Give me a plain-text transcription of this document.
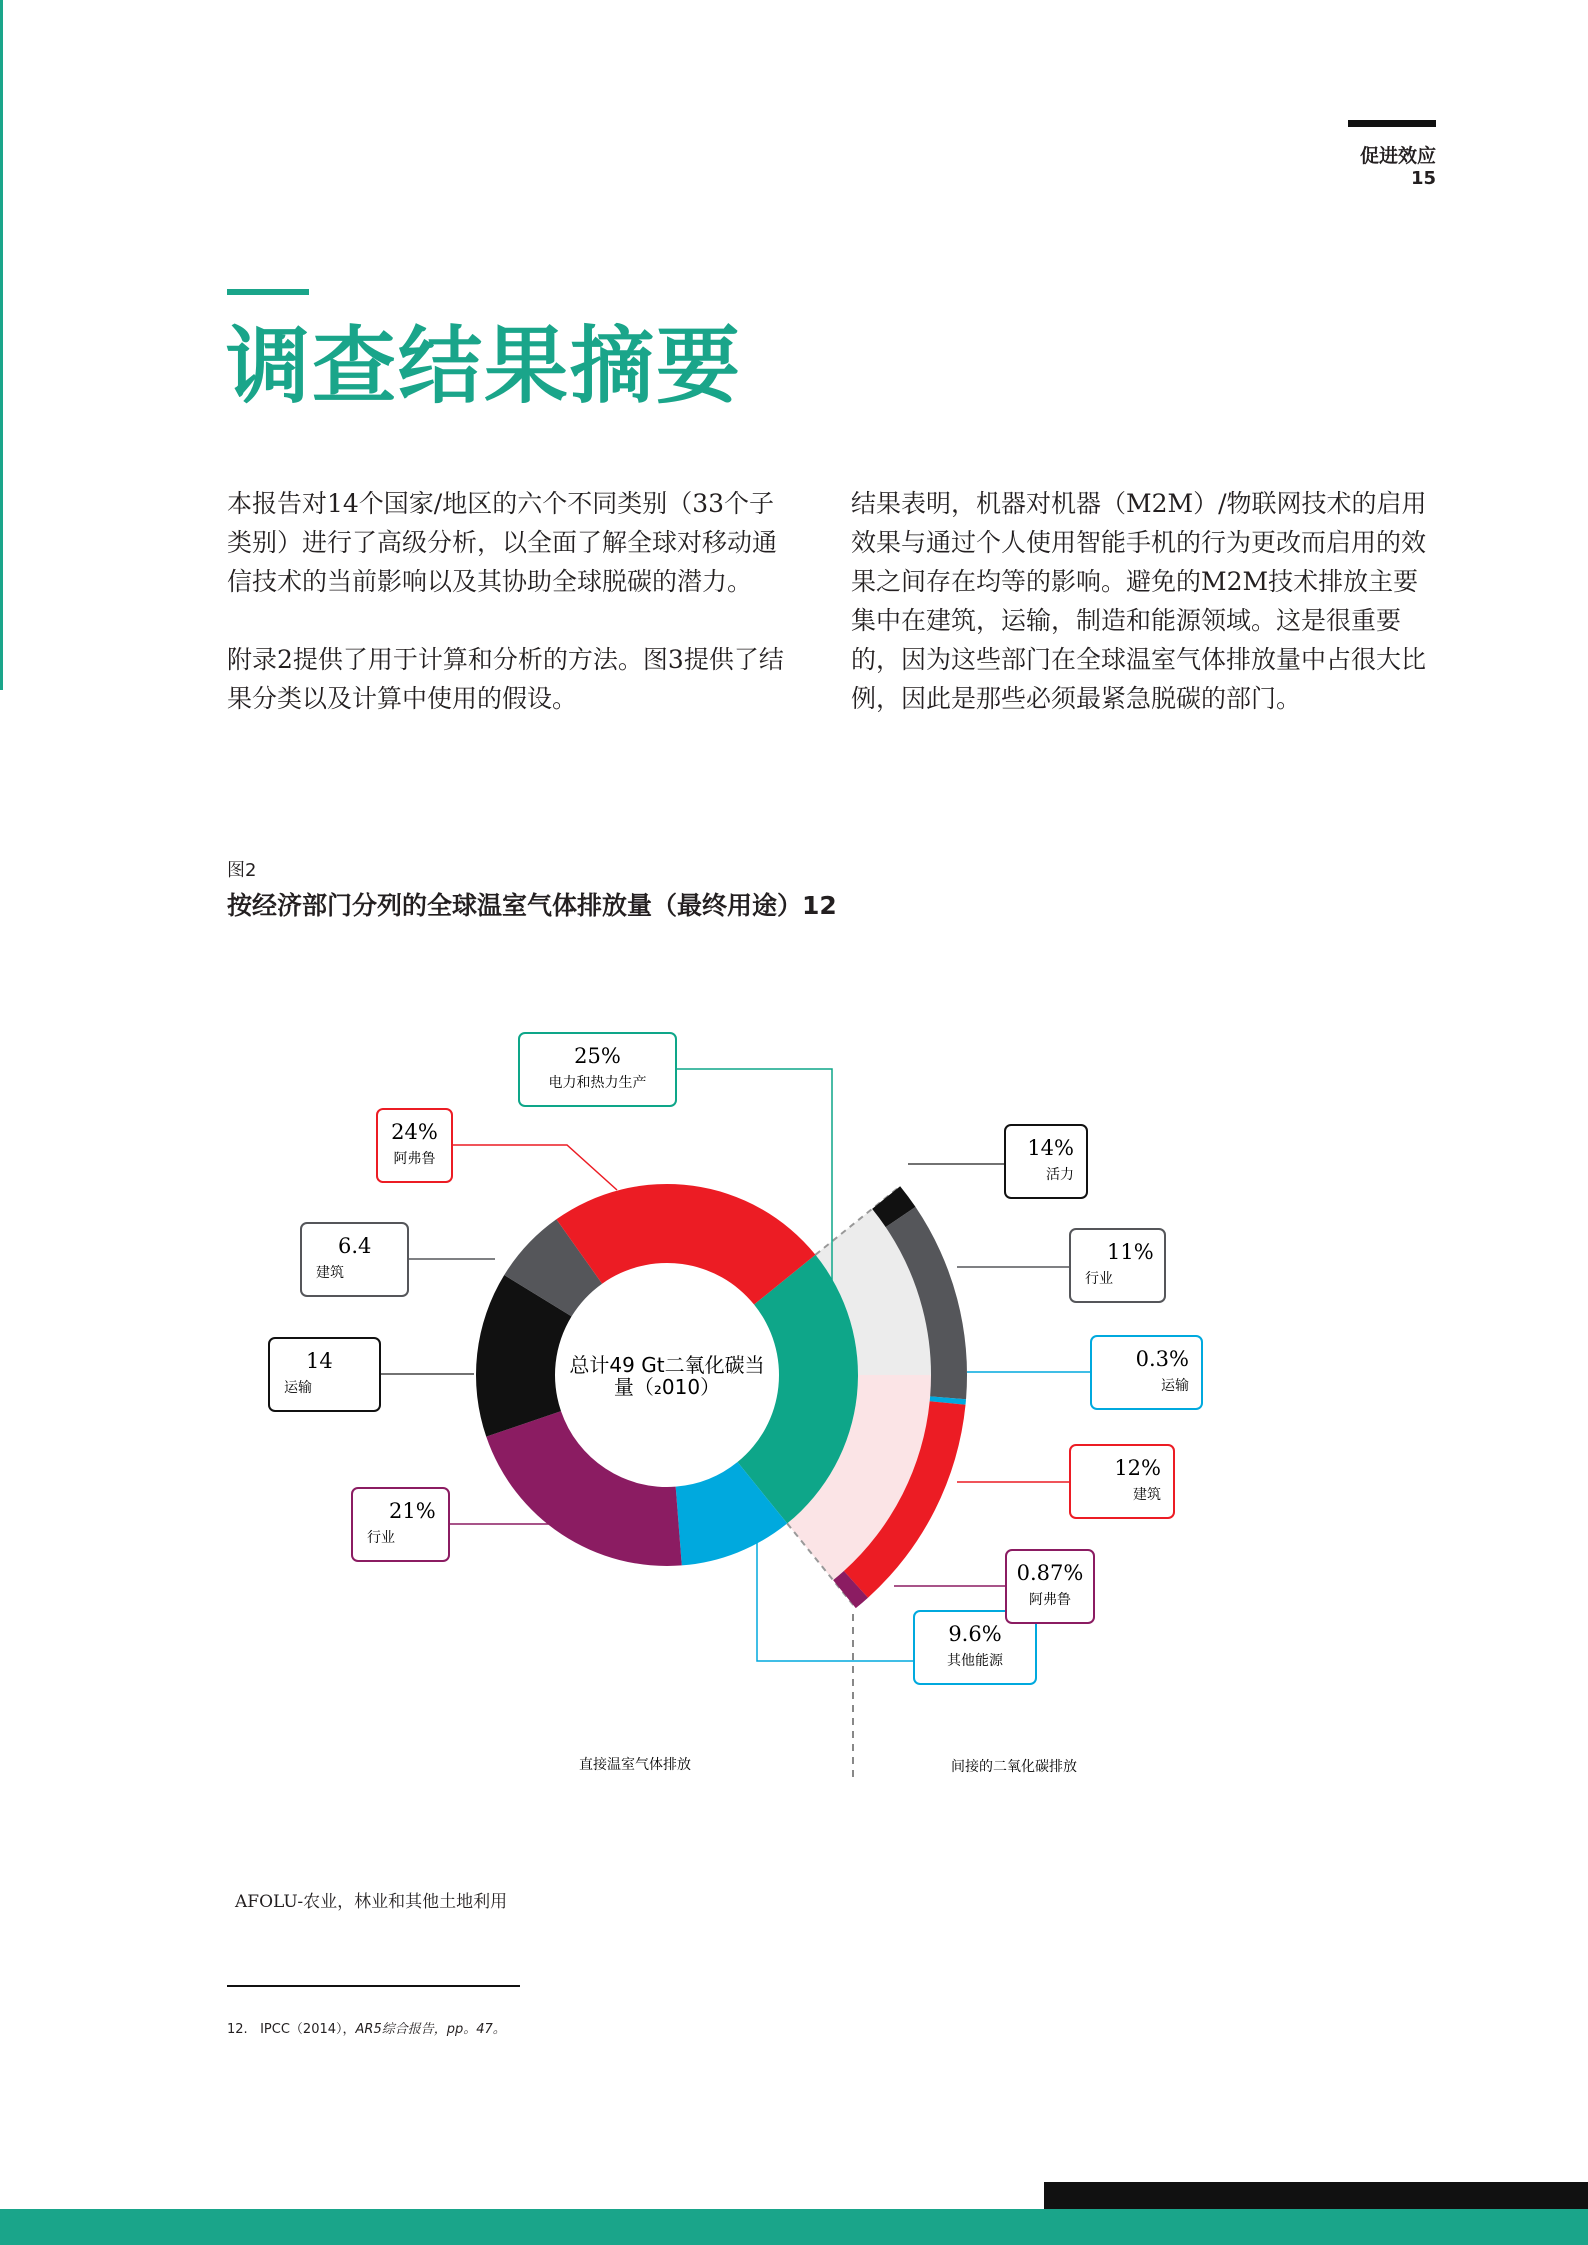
促进效应
15
调查结果摘要

本报告对14个国家/地区的六个不同类别（33个子类别）进行了高级分析，以全面了解全球对移动通信技术的当前影响以及其协助全球脱碳的潜力。

附录2提供了用于计算和分析的方法。图3提供了结果分类以及计算中使用的假设。

结果表明，机器对机器（M2M）/物联网技术的启用效果与通过个人使用智能手机的行为更改而启用的效果之间存在均等的影响。避免的M2M技术排放主要集中在建筑，运输，制造和能源领域。这是很重要的，因为这些部门在全球温室气体排放量中占很大比例，因此是那些必须最紧急脱碳的部门。

图2
按经济部门分列的全球温室气体排放量（最终用途）12
25%
电力和热力生产
9.6%
其他能源
21%
行业
14
运输
6.4
建筑
24%
阿弗鲁	14%
活力
11%
行业
0.3%
运输
12%
建筑
0.87%
阿弗鲁
总计49 Gt二氧化碳当
量（₂010）
直接温室气体排放	间接的二氧化碳排放
AFOLU-农业，林业和其他土地利用
12. IPCC（2014），AR5综合报告，pp。47。
